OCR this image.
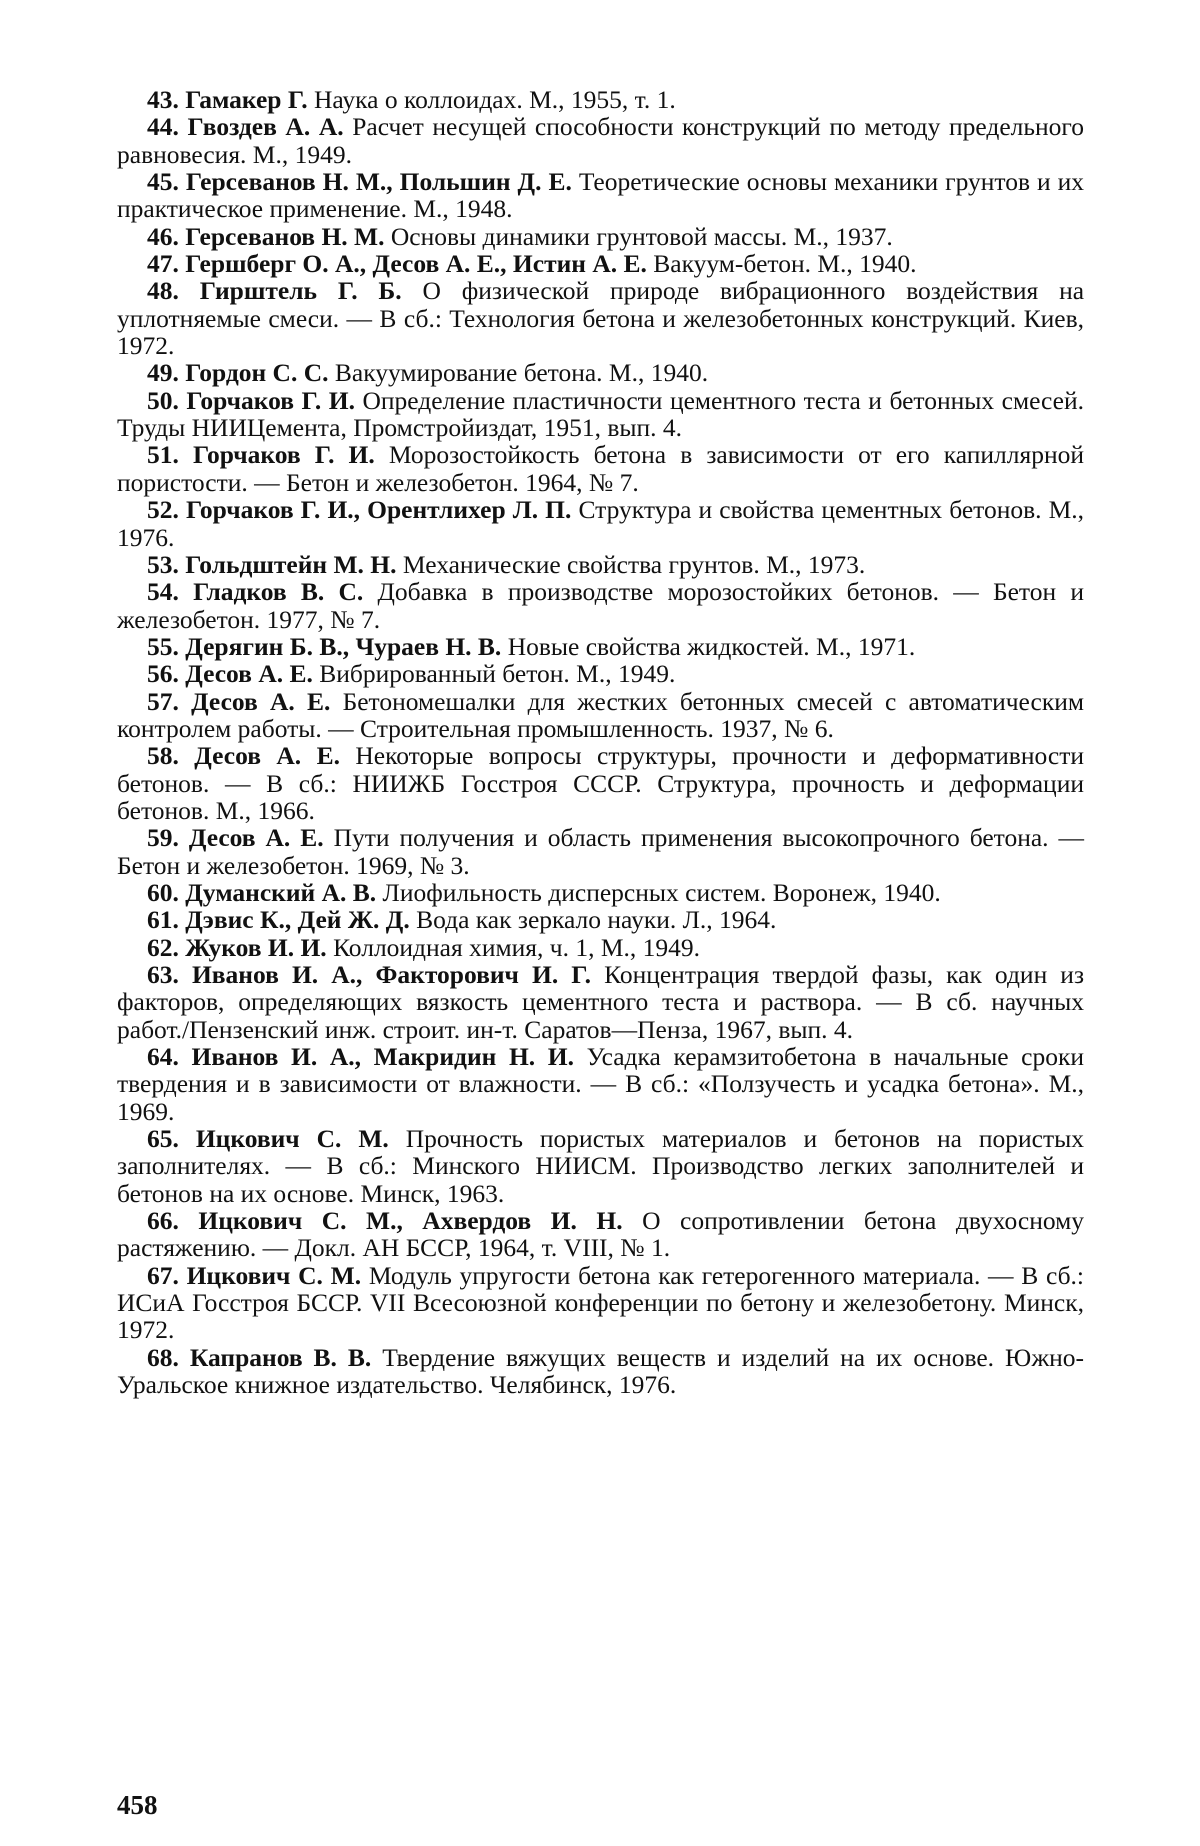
43. Гамакер Г. Наука о коллоидах. М., 1955, т. 1.

44. Гвоздев А. А. Расчет несущей способности конструкций по методу предельного равновесия. М., 1949.

45. Герсеванов Н. М., Польшин Д. Е. Теоретические основы механики грунтов и их практическое применение. М., 1948.

46. Герсеванов Н. М. Основы динамики грунтовой массы. М., 1937.

47. Гершберг О. А., Десов А. Е., Истин А. Е. Вакуум-бетон. М., 1940.

48. Гирштель Г. Б. О физической природе вибрационного воздействия на уплотняемые смеси. — В сб.: Технология бетона и железобетонных конструкций. Киев, 1972.

49. Гордон С. С. Вакуумирование бетона. М., 1940.

50. Горчаков Г. И. Определение пластичности цементного теста и бетонных смесей. Труды НИИЦемента, Промстройиздат, 1951, вып. 4.

51. Горчаков Г. И. Морозостойкость бетона в зависимости от его капиллярной пористости. — Бетон и железобетон. 1964, № 7.

52. Горчаков Г. И., Орентлихер Л. П. Структура и свойства цементных бетонов. М., 1976.

53. Гольдштейн М. Н. Механические свойства грунтов. М., 1973.

54. Гладков В. С. Добавка в производстве морозостойких бетонов. — Бетон и железобетон. 1977, № 7.

55. Дерягин Б. В., Чураев Н. В. Новые свойства жидкостей. М., 1971.

56. Десов А. Е. Вибрированный бетон. М., 1949.

57. Десов А. Е. Бетономешалки для жестких бетонных смесей с автоматическим контролем работы. — Строительная промышленность. 1937, № 6.

58. Десов А. Е. Некоторые вопросы структуры, прочности и деформативности бетонов. — В сб.: НИИЖБ Госстроя СССР. Структура, прочность и деформации бетонов. М., 1966.

59. Десов А. Е. Пути получения и область применения высокопрочного бетона. — Бетон и железобетон. 1969, № 3.

60. Думанский А. В. Лиофильность дисперсных систем. Воронеж, 1940.

61. Дэвис К., Дей Ж. Д. Вода как зеркало науки. Л., 1964.

62. Жуков И. И. Коллоидная химия, ч. 1, М., 1949.

63. Иванов И. А., Факторович И. Г. Концентрация твердой фазы, как один из факторов, определяющих вязкость цементного теста и раствора. — В сб. научных работ./Пензенский инж. строит. ин-т. Саратов—Пенза, 1967, вып. 4.

64. Иванов И. А., Макридин Н. И. Усадка керамзитобетона в начальные сроки твердения и в зависимости от влажности. — В сб.: «Ползучесть и усадка бетона». М., 1969.

65. Ицкович С. М. Прочность пористых материалов и бетонов на пористых заполнителях. — В сб.: Минского НИИСМ. Производство легких заполнителей и бетонов на их основе. Минск, 1963.

66. Ицкович С. М., Ахвердов И. Н. О сопротивлении бетона двухосному растяжению. — Докл. АН БССР, 1964, т. VIII, № 1.

67. Ицкович С. М. Модуль упругости бетона как гетерогенного материала. — В сб.: ИСиА Госстроя БССР. VII Всесоюзной конференции по бетону и железобетону. Минск, 1972.

68. Капранов В. В. Твердение вяжущих веществ и изделий на их основе. Южно-Уральское книжное издательство. Челябинск, 1976.

458
